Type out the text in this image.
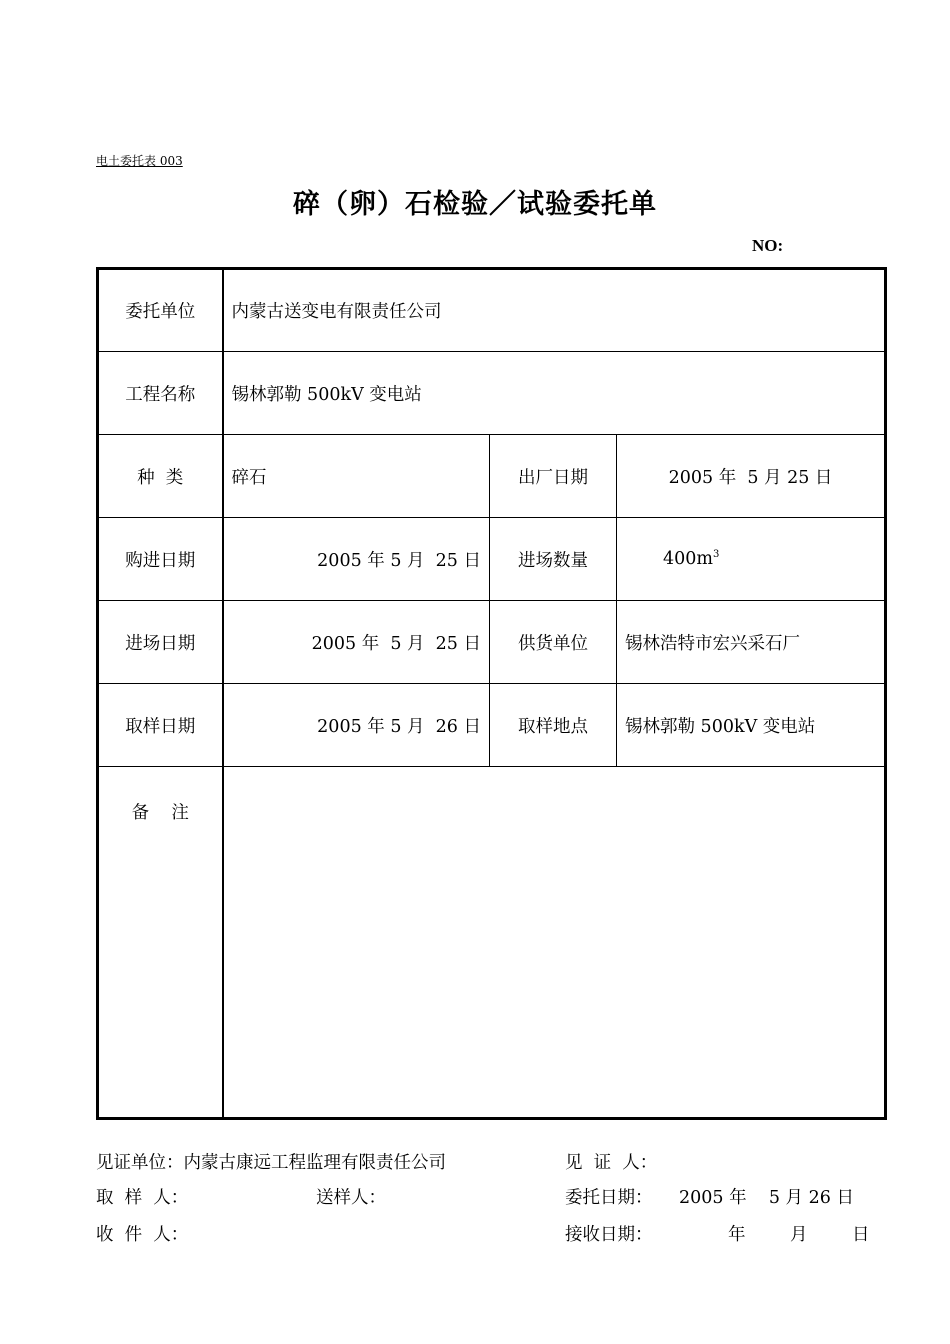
电土委托表 003
碎（卵）石检验／试验委托单
NO:
委托单位	内蒙古送变电有限责任公司		
工程名称	锡林郭勒 500kV 变电站		
种  类	碎石	出厂日期	2005 年  5 月 25 日
购进日期	2005 年 5 月  25 日	进场数量	$400m^3$
进场日期	2005 年  5 月  25 日	供货单位	锡林浩特市宏兴采石厂
取样日期	2005 年 5 月  26 日	取样地点	锡林郭勒 500kV 变电站
备    注			
见证单位：内蒙古康远工程监理有限责任公司	见  证  人：
取  样  人：	送样人：	委托日期： 2005 年    5 月 26 日
收  件  人：	接收日期：	年        月        日
